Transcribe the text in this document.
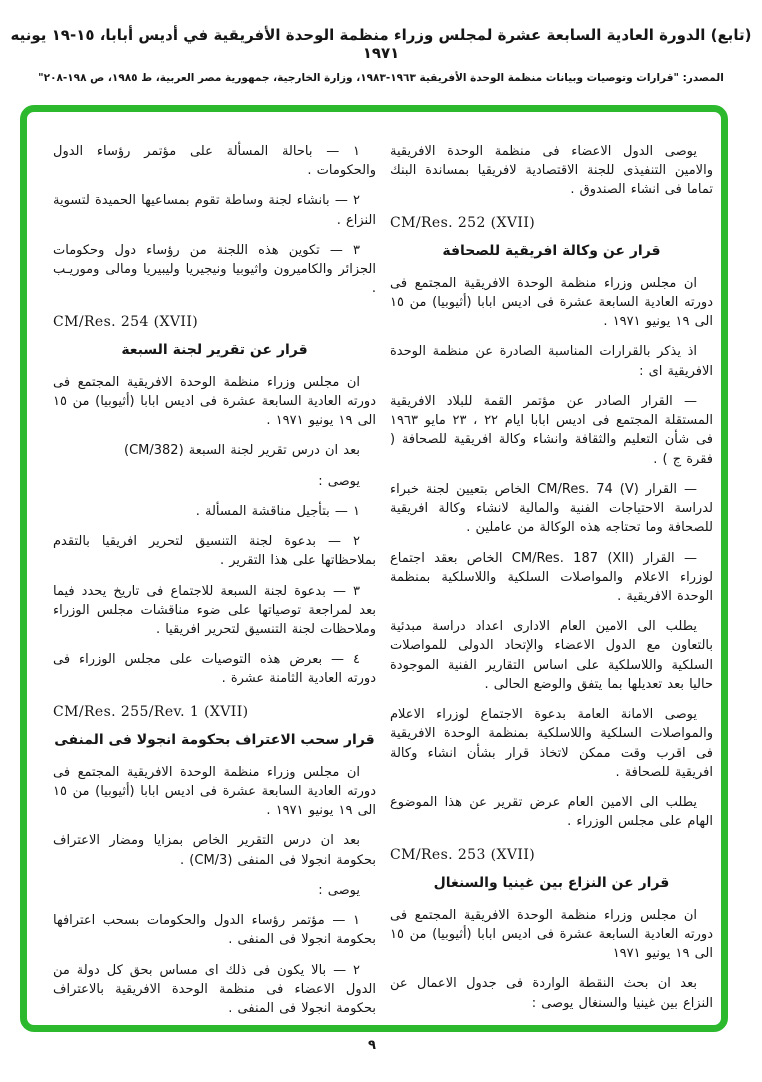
(تابع) الدورة العادية السابعة عشرة لمجلس وزراء منظمة الوحدة الأفريقية في أديس أبابا، ١٥-١٩ يونيه ١٩٧١
المصدر: "قرارات وتوصيات وبيانات منظمة الوحدة الأفريقية ١٩٦٣-١٩٨٣، وزارة الخارجية، جمهورية مصر العربية، ط ١٩٨٥، ص ١٩٨-٢٠٨"
١ — باحالة المسألة على مؤتمر رؤساء الدول والحكومات .
٢ — بانشاء لجنة وساطة تقوم بمساعيها الحميدة لتسوية النزاع .
٣ — تكوين هذه اللجنة من رؤساء دول وحكومات الجزائر والكاميرون واثيوبيا ونيجيريا وليبيريا ومالى وموريـب .
CM/Res. 254 (XVII)
قرار عن تقرير لجنة السبعة
ان مجلس وزراء منظمة الوحدة الافريقية المجتمع فى دورته العادية السابعة عشرة فى اديس ابابا (أثيوبيا) من ١٥ الى ١٩ يونيو ١٩٧١ .
بعد ان درس تقرير لجنة السبعة (CM/382)
يوصى :
١ — بتأجيل مناقشة المسألة .
٢ — بدعوة لجنة التنسيق لتحرير افريقيا بالتقدم بملاحظاتها على هذا التقرير .
٣ — بدعوة لجنة السبعة للاجتماع فى تاريخ يحدد فيما بعد لمراجعة توصياتها على ضوء مناقشات مجلس الوزراء وملاحظات لجنة التنسيق لتحرير افريقيا .
٤ — بعرض هذه التوصيات على مجلس الوزراء فى دورته العادية الثامنة عشرة .
CM/Res. 255/Rev. 1 (XVII)
قرار سحب الاعتراف بحكومة انجولا فى المنفى
ان مجلس وزراء منظمة الوحدة الافريقية المجتمع فى دورته العادية السابعة عشرة فى اديس ابابا (أثيوبيا) من ١٥ الى ١٩ يونيو ١٩٧١ .
بعد ان درس التقرير الخاص بمزايا ومضار الاعتراف بحكومة انجولا فى المنفى (CM/3) .
يوصى :
١ — مؤتمر رؤساء الدول والحكومات بسحب اعترافها بحكومة انجولا فى المنفى .
٢ — بالا يكون فى ذلك اى مساس بحق كل دولة من الدول الاعضاء فى منظمة الوحدة الافريقية بالاعتراف بحكومة انجولا فى المنفى .
يوصى الدول الاعضاء فى منظمة الوحدة الافريقية والامين التنفيذى للجنة الاقتصادية لافريقيا بمساندة البنك تماما فى انشاء الصندوق .
CM/Res. 252 (XVII)
قرار عن وكالة افريقية للصحافة
ان مجلس وزراء منظمة الوحدة الافريقية المجتمع فى دورته العادية السابعة عشرة فى اديس ابابا (أثيوبيا) من ١٥ الى ١٩ يونيو ١٩٧١ .
اذ يذكر بالقرارات المناسبة الصادرة عن منظمة الوحدة الافريقية اى :
— القرار الصادر عن مؤتمر القمة للبلاد الافريقية المستقلة المجتمع فى اديس ابابا ايام ٢٢ ، ٢٣ مايو ١٩٦٣ فى شأن التعليم والثقافة وانشاء وكالة افريقية للصحافة ( فقرة ج ) .
— القرار CM/Res. 74 (V) الخاص بتعيين لجنة خبراء لدراسة الاحتياجات الفنية والمالية لانشاء وكالة افريقية للصحافة وما تحتاجه هذه الوكالة من عاملين .
— القرار CM/Res. 187 (XII) الخاص بعقد اجتماع لوزراء الاعلام والمواصلات السلكية واللاسلكية بمنظمة الوحدة الافريقية .
يطلب الى الامين العام الادارى اعداد دراسة مبدئية بالتعاون مع الدول الاعضاء والإتحاد الدولى للمواصلات السلكية واللاسلكية على اساس التقارير الفنية الموجودة حاليا بعد تعديلها بما يتفق والوضع الحالى .
يوصى الامانة العامة بدعوة الاجتماع لوزراء الاعلام والمواصلات السلكية واللاسلكية بمنظمة الوحدة الافريقية فى اقرب وقت ممكن لاتخاذ قرار بشأن انشاء وكالة افريقية للصحافة .
يطلب الى الامين العام عرض تقرير عن هذا الموضوع الهام على مجلس الوزراء .
CM/Res. 253 (XVII)
قرار عن النزاع بين غينيا والسنغال
ان مجلس وزراء منظمة الوحدة الافريقية المجتمع فى دورته العادية السابعة عشرة فى اديس ابابا (أثيوبيا) من ١٥ الى ١٩ يونيو ١٩٧١
بعد ان بحث النقطة الواردة فى جدول الاعمال عن النزاع بين غينيا والسنغال يوصى :
٩
